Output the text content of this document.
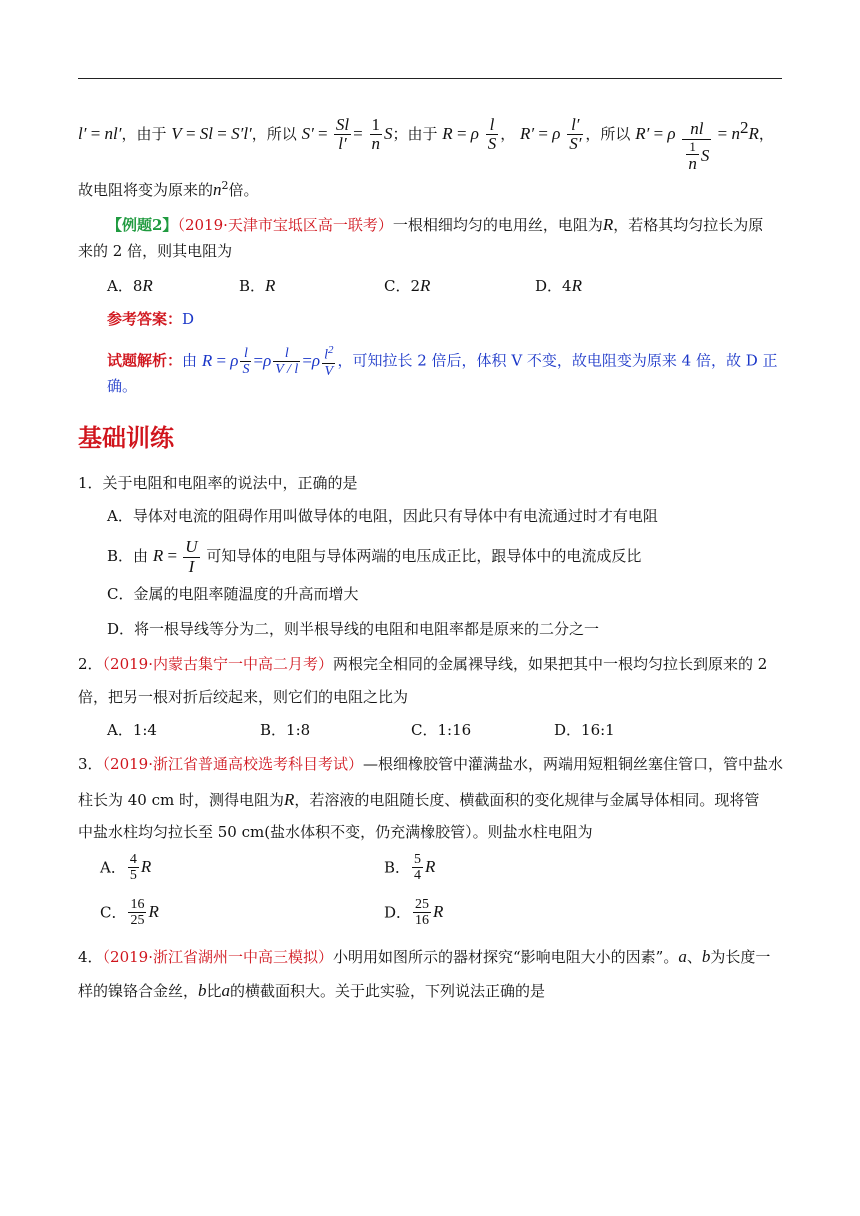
l′ = nl′，由于 V = Sl = S′l′，所以 $S' = \frac{Sl}{l'} = \frac{1}{n}$ S；由于 R = ρ $\frac{l}{S}$ ， R′ = ρ $\frac{l'}{S'}$ ，所以 R′ = ρ $\frac{nl}{\frac{1}{n} S} = n^2R$，
故电阻将变为原来的$n^2$倍。
【例题2】（2019·天津市宝坻区高一联考）一根相细均匀的电用丝，电阻为R，若格其均匀拉长为原
来的 2 倍，则其电阻为
A．8R	B．R	C．2R	D．4R
参考答案：D
试题解析：由 R = ρ $\frac{l}{S} =\rho \frac{l}{V / l} =\rho \frac{l^2}{V}$ ，可知拉长 2 倍后，体积 V 不变，故电阻变为原来 4 倍，故 D 正确。
基础训练
1．关于电阻和电阻率的说法中，正确的是
A．导体对电流的阻碍作用叫做导体的电阻，因此只有导体中有电流通过时才有电阻
B．由 $R = \frac{U}{I}$ 可知导体的电阻与导体两端的电压成正比，跟导体中的电流成反比
C．金属的电阻率随温度的升高而增大
D．将一根导线等分为二，则半根导线的电阻和电阻率都是原来的二分之一
2．（2019·内蒙古集宁一中高二月考）两根完全相同的金属裸导线，如果把其中一根均匀拉长到原来的 2
倍，把另一根对折后绞起来，则它们的电阻之比为
A．1:4	B．1:8	C．1:16	D．16:1
3．（2019·浙江省普通高校选考科目考试）—根细橡胶管中灌满盐水，两端用短粗铜丝塞住管口，管中盐水
柱长为 40 cm 时，测得电阻为R，若溶液的电阻随长度、横截面积的变化规律与金属导体相同。现将管
中盐水柱均匀拉长至 50 cm(盐水体积不变，仍充满橡胶管）。则盐水柱电阻为
A． $\frac{4}{5}$ R	B． $\frac{5}{4}$ R
C． $\frac{16}{25}$ R	D． $\frac{25}{16}$ R
4．（2019·浙江省湖州一中高三模拟）小明用如图所示的器材探究“影响电阻大小的因素”。a、b为长度一
样的镍铬合金丝，b比a的横截面积大。关于此实验，下列说法正确的是
